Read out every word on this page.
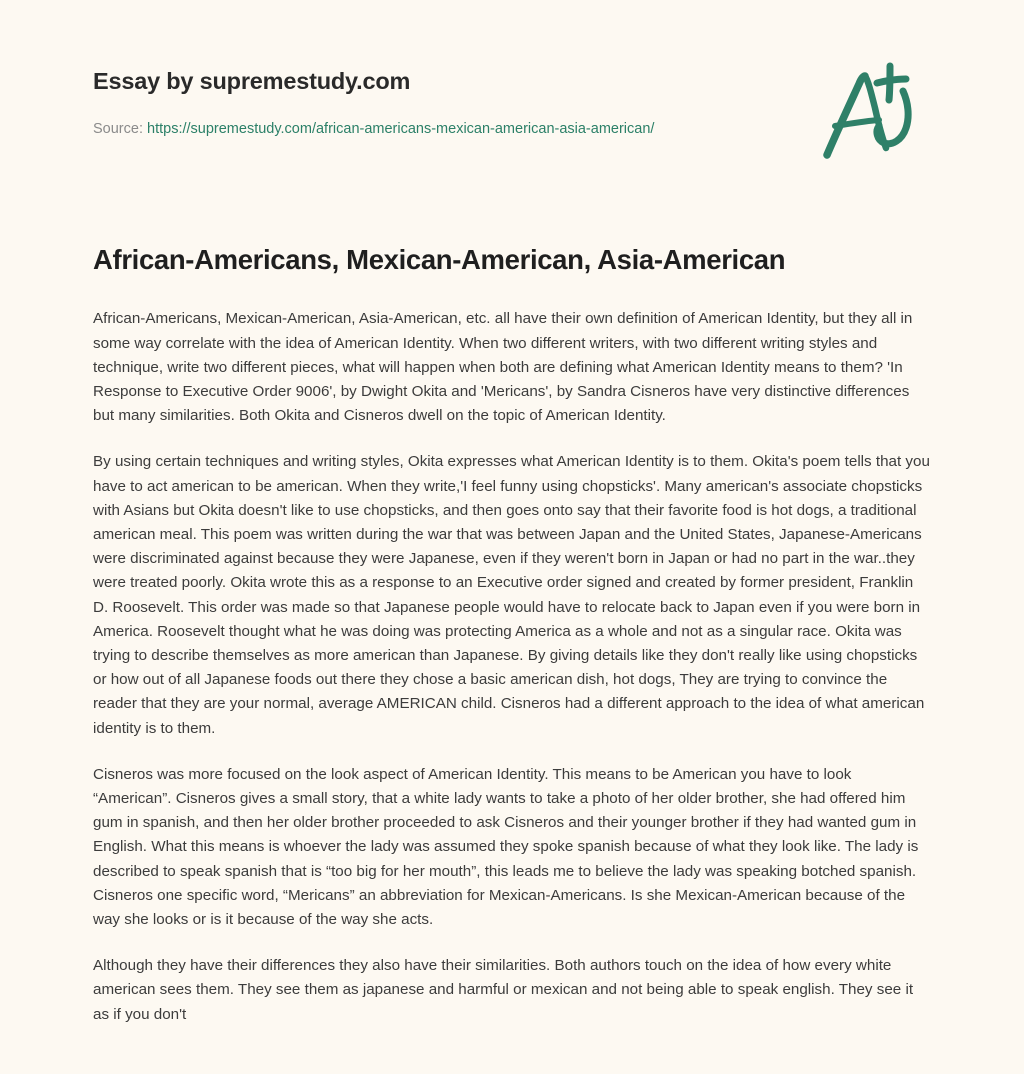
Essay by supremestudy.com
Source: https://supremestudy.com/african-americans-mexican-american-asia-american/
African-Americans, Mexican-American, Asia-American

African-Americans, Mexican-American, Asia-American, etc. all have their own definition of American Identity, but they all in some way correlate with the idea of American Identity. When two different writers, with two different writing styles and technique, write two different pieces, what will happen when both are defining what American Identity means to them? 'In Response to Executive Order 9006', by Dwight Okita and 'Mericans', by Sandra Cisneros have very distinctive differences but many similarities. Both Okita and Cisneros dwell on the topic of American Identity.

By using certain techniques and writing styles, Okita expresses what American Identity is to them. Okita's poem tells that you have to act american to be american. When they write,'I feel funny using chopsticks'. Many american's associate chopsticks with Asians but Okita doesn't like to use chopsticks, and then goes onto say that their favorite food is hot dogs, a traditional american meal. This poem was written during the war that was between Japan and the United States, Japanese-Americans were discriminated against because they were Japanese, even if they weren't born in Japan or had no part in the war..they were treated poorly. Okita wrote this as a response to an Executive order signed and created by former president, Franklin D. Roosevelt. This order was made so that Japanese people would have to relocate back to Japan even if you were born in America. Roosevelt thought what he was doing was protecting America as a whole and not as a singular race. Okita was trying to describe themselves as more american than Japanese. By giving details like they don't really like using chopsticks or how out of all Japanese foods out there they chose a basic american dish, hot dogs, They are trying to convince the reader that they are your normal, average AMERICAN child. Cisneros had a different approach to the idea of what american identity is to them.

Cisneros was more focused on the look aspect of American Identity. This means to be American you have to look “American”. Cisneros gives a small story, that a white lady wants to take a photo of her older brother, she had offered him gum in spanish, and then her older brother proceeded to ask Cisneros and their younger brother if they had wanted gum in English. What this means is whoever the lady was assumed they spoke spanish because of what they look like. The lady is described to speak spanish that is “too big for her mouth”, this leads me to believe the lady was speaking botched spanish. Cisneros one specific word, “Mericans” an abbreviation for Mexican-Americans. Is she Mexican-American because of the way she looks or is it because of the way she acts.

Although they have their differences they also have their similarities. Both authors touch on the idea of how every white american sees them. They see them as japanese and harmful or mexican and not being able to speak english. They see it as if you don't
